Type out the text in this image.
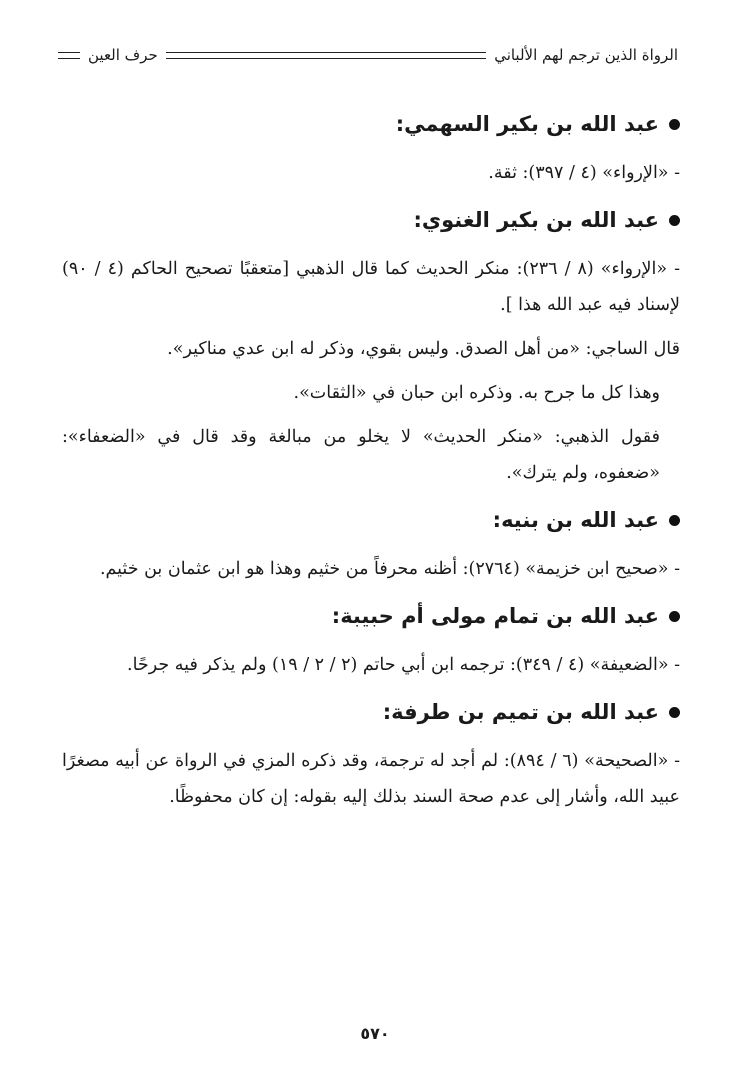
الرواة الذين ترجم لهم الألباني
حرف العين
عبد الله بن بكير السهمي:

- «الإرواء» (٤ / ٣٩٧): ثقة.

عبد الله بن بكير الغنوي:

- «الإرواء» (٨ / ٢٣٦): منكر الحديث كما قال الذهبي [متعقبًا تصحيح الحاكم (٤ / ٩٠) لإسناد فيه عبد الله هذا ].

قال الساجي: «من أهل الصدق. وليس بقوي، وذكر له ابن عدي مناكير».

وهذا كل ما جرح به. وذكره ابن حبان في «الثقات».

فقول الذهبي: «منكر الحديث» لا يخلو من مبالغة وقد قال في «الضعفاء»: «ضعفوه، ولم يترك».

عبد الله بن بنيه:

- «صحيح ابن خزيمة» (٢٧٦٤): أظنه محرفاً من خثيم وهذا هو ابن عثمان بن خثيم.

عبد الله بن تمام مولى أم حبيبة:

- «الضعيفة» (٤ / ٣٤٩): ترجمه ابن أبي حاتم (٢ / ٢ / ١٩) ولم يذكر فيه جرحًا.

عبد الله بن تميم بن طرفة:

- «الصحيحة» (٦ / ٨٩٤): لم أجد له ترجمة، وقد ذكره المزي في الرواة عن أبيه مصغرًا عبيد الله، وأشار إلى عدم صحة السند بذلك إليه بقوله: إن كان محفوظًا.

٥٧٠
